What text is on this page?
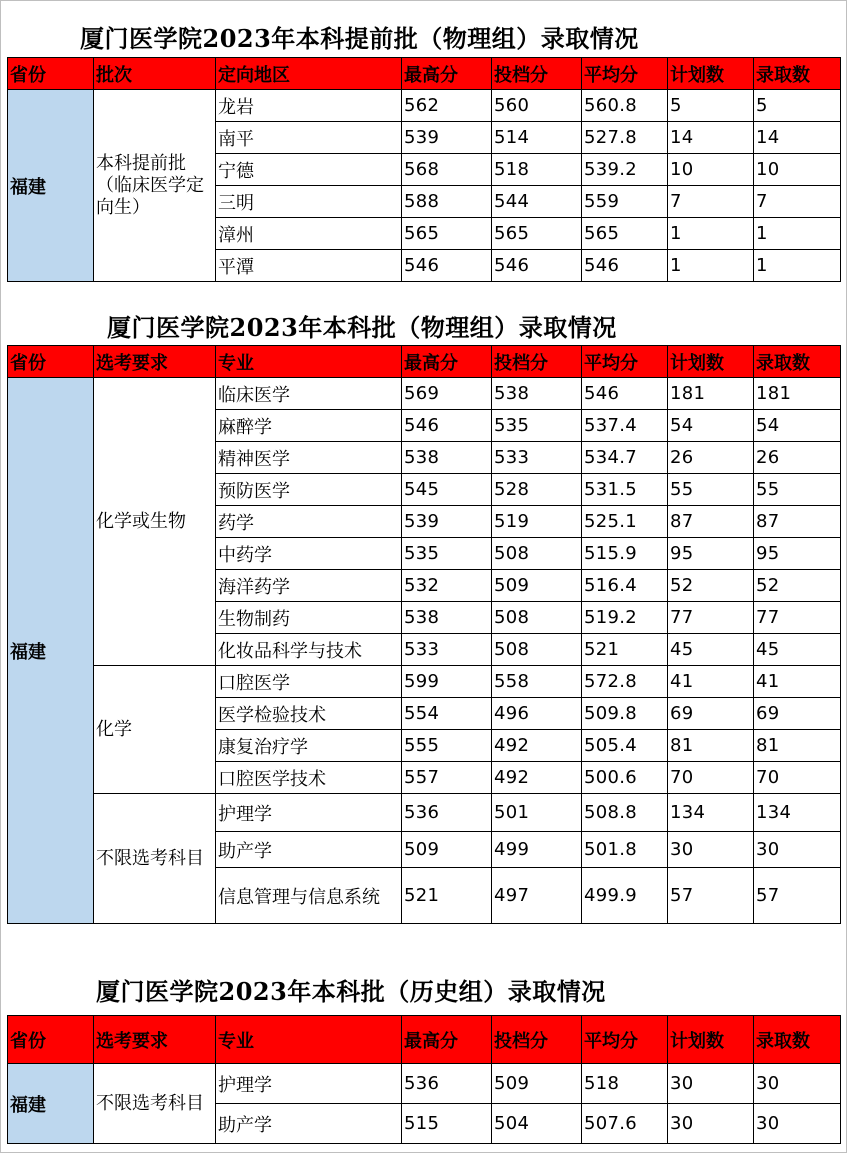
厦门医学院2023年本科提前批（物理组）录取情况
省份	批次	定向地区	最高分	投档分	平均分	计划数	录取数
福建	本科提前批（临床医学定向生）	龙岩	562	560	560.8	5	5
		南平	539	514	527.8	14	14
		宁德	568	518	539.2	10	10
		三明	588	544	559	7	7
		漳州	565	565	565	1	1
		平潭	546	546	546	1	1
厦门医学院2023年本科批（物理组）录取情况
省份	选考要求	专业	最高分	投档分	平均分	计划数	录取数
福建	化学或生物	临床医学	569	538	546	181	181
		麻醉学	546	535	537.4	54	54
		精神医学	538	533	534.7	26	26
		预防医学	545	528	531.5	55	55
		药学	539	519	525.1	87	87
		中药学	535	508	515.9	95	95
		海洋药学	532	509	516.4	52	52
		生物制药	538	508	519.2	77	77
		化妆品科学与技术	533	508	521	45	45
	化学	口腔医学	599	558	572.8	41	41
		医学检验技术	554	496	509.8	69	69
		康复治疗学	555	492	505.4	81	81
		口腔医学技术	557	492	500.6	70	70
	不限选考科目	护理学	536	501	508.8	134	134
		助产学	509	499	501.8	30	30
		信息管理与信息系统	521	497	499.9	57	57
厦门医学院2023年本科批（历史组）录取情况
省份	选考要求	专业	最高分	投档分	平均分	计划数	录取数
福建	不限选考科目	护理学	536	509	518	30	30
		助产学	515	504	507.6	30	30
